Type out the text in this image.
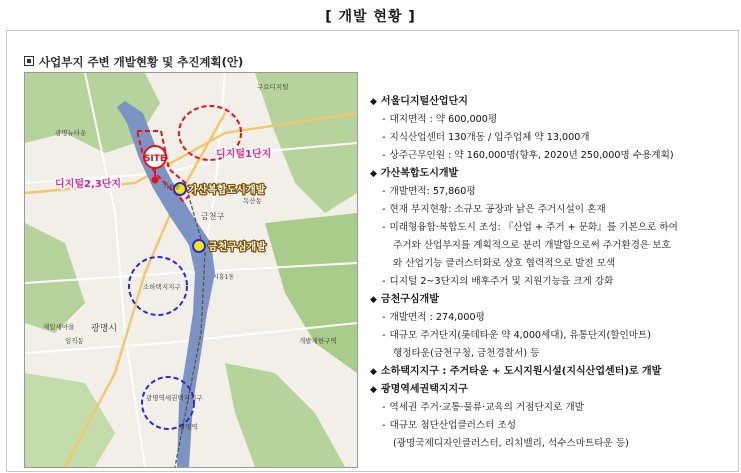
[ 개발 현황 ]
사업부지 주변 개발현황 및 추진계획(안)
SITE	디지털1단지
디지털2,3단지
가산복합도시개발
금천구심개발
광명시
금천구
소하택지지구
광명역세권택지지구
가산동
시흥1동
개발제한구역
광명역
광명뉴타운
제일새마을
일직동
구로디지털
독산동
◆ 서울디지털산업단지
- 대지면적 : 약 600,000평
- 지식산업센터 130개동 / 입주업체 약 13,000개
- 상주근무인원 : 약 160,000명(향후, 2020년 250,000명 수용계획)
◆ 가산복합도시개발
- 개발면적: 57,860평
- 현재 부지현황: 소규모 공장과 낡은 주거시설이 혼재
- 미래형융합·복합도시 조성: 『산업 + 주거 + 문화』를 기본으로 하여
주거와 산업부지를 계획적으로 분리 개발함으로써 주거환경은 보호
와 산업기능 클러스터화로 상호 협력적으로 발전 모색
- 디지털 2~3단지의 배후주거 및 지원기능을 크게 강화
◆ 금천구심개발
- 개발면적 : 274,000평
- 대규모 주거단지(롯데타운 약 4,000세대), 유통단지(할인마트)
행정타운(금천구청, 금천경찰서) 등
◆ 소하택지지구 : 주거타운 + 도시지원시설(지식산업센터)로 개발
◆ 광명역세권택지지구
- 역세권 주거·교통·물류·교육의 거점단지로 개발
- 대규모 첨단산업클러스터 조성
(광명국제디자인클러스터, 리치밸리, 석수스마트타운 등)
